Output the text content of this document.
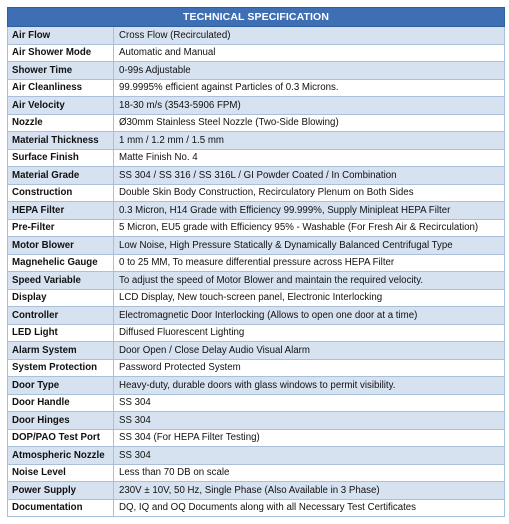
TECHNICAL SPECIFICATION	
Air Flow	Cross Flow (Recirculated)
Air Shower Mode	Automatic and Manual
Shower Time	0-99s Adjustable
Air Cleanliness	99.9995% efficient against Particles of 0.3 Microns.
Air Velocity	18-30 m/s (3543-5906 FPM)
Nozzle	Ø30mm Stainless Steel Nozzle (Two-Side Blowing)
Material Thickness	1 mm / 1.2 mm / 1.5 mm
Surface Finish	Matte Finish No. 4
Material Grade	SS 304 / SS 316 / SS 316L / GI Powder Coated / In Combination
Construction	Double Skin Body Construction, Recirculatory Plenum on Both Sides
HEPA Filter	0.3 Micron, H14 Grade with Efficiency 99.999%, Supply Minipleat HEPA Filter
Pre-Filter	5 Micron, EU5 grade with Efficiency 95% - Washable (For Fresh Air & Recirculation)
Motor Blower	Low Noise, High Pressure Statically & Dynamically Balanced Centrifugal Type
Magnehelic Gauge	0 to 25 MM, To measure differential pressure across HEPA Filter
Speed Variable	To adjust the speed of Motor Blower and maintain the required velocity.
Display	LCD Display, New touch-screen panel, Electronic Interlocking
Controller	Electromagnetic Door Interlocking (Allows to open one door at a time)
LED Light	Diffused Fluorescent Lighting
Alarm System	Door Open / Close Delay Audio Visual Alarm
System Protection	Password Protected System
Door Type	Heavy-duty, durable doors with glass windows to permit visibility.
Door Handle	SS 304
Door Hinges	SS 304
DOP/PAO Test Port	SS 304 (For HEPA Filter Testing)
Atmospheric Nozzle	SS 304
Noise Level	Less than 70 DB on scale
Power Supply	230V ± 10V, 50 Hz, Single Phase (Also Available in 3 Phase)
Documentation	DQ, IQ and OQ Documents along with all Necessary Test Certificates
